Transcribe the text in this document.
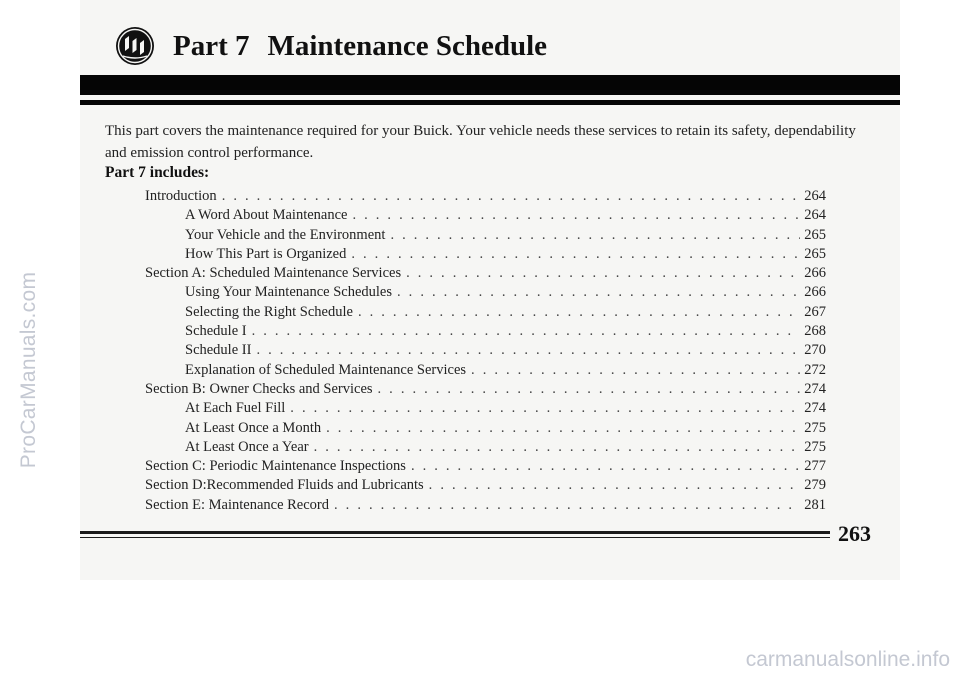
Part 7 Maintenance Schedule

This part covers the maintenance required for your Buick. Your vehicle needs these services to retain its safety, dependability and emission control performance.

Part 7 includes:
Introduction . . .	264
A Word About Maintenance . . .	264
Your Vehicle and the Environment . . .	265
How This Part is Organized . . .	265
Section A: Scheduled Maintenance Services . . .	266
Using Your Maintenance Schedules . . .	266
Selecting the Right Schedule . . .	267
Schedule I . . .	268
Schedule II . . .	270
Explanation of Scheduled Maintenance Services . . .	272
Section B: Owner Checks and Services . . .	274
At Each Fuel Fill . . .	274
At Least Once a Month . . .	275
At Least Once a Year . . .	275
Section C: Periodic Maintenance Inspections . . .	277
Section D:Recommended Fluids and Lubricants . . .	279
Section E: Maintenance Record . . .	281
263
ProCarManuals.com
carmanualsonline.info
